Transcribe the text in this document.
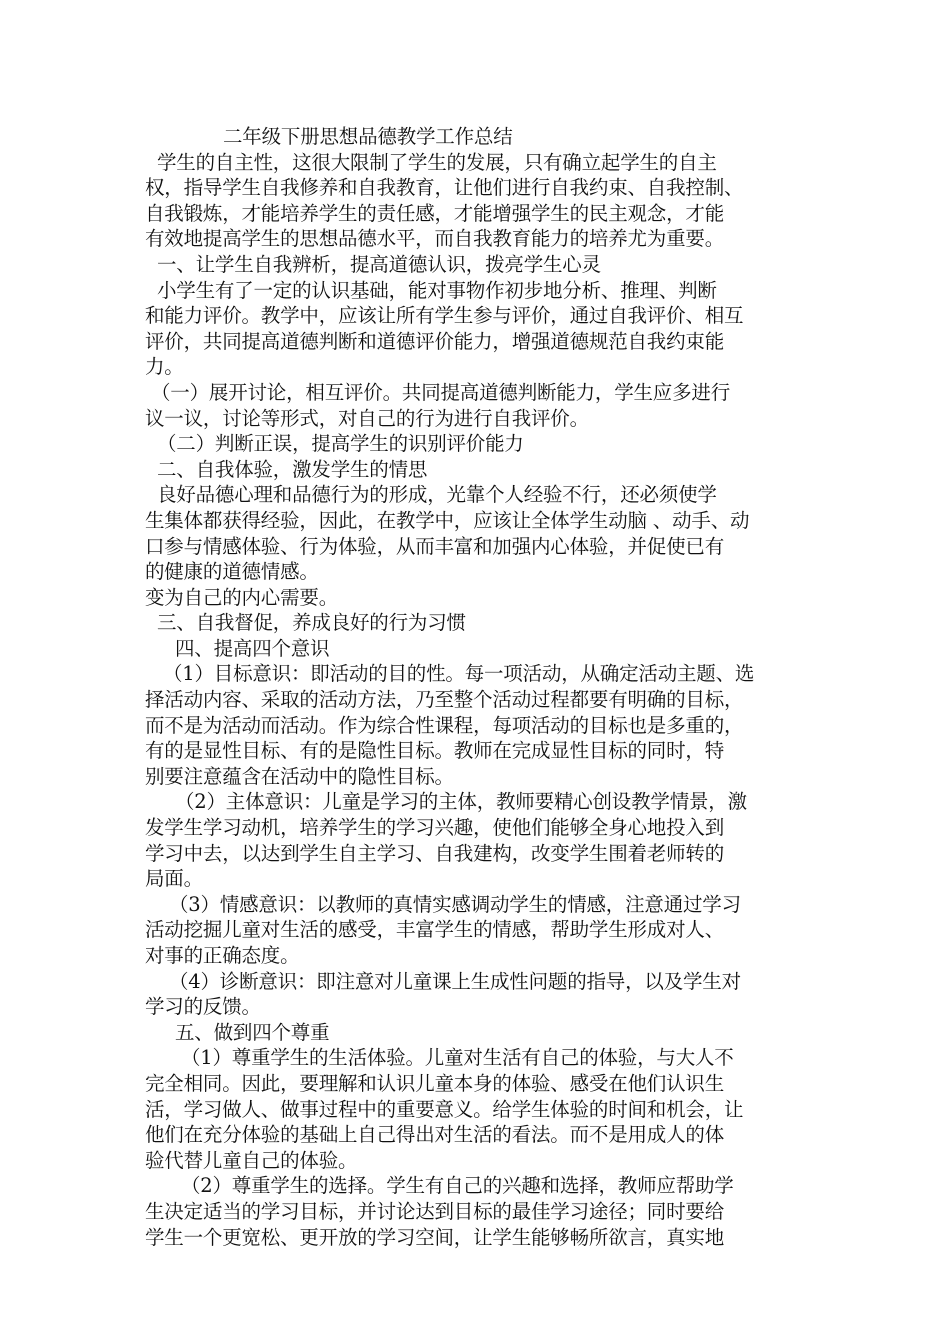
二年级下册思想品德教学工作总结
学生的自主性，这很大限制了学生的发展，只有确立起学生的自主
权，指导学生自我修养和自我教育，让他们进行自我约束、自我控制、
自我锻炼，才能培养学生的责任感，才能增强学生的民主观念，才能
有效地提高学生的思想品德水平，而自我教育能力的培养尤为重要。
一、让学生自我辨析，提高道德认识，拨亮学生心灵
小学生有了一定的认识基础，能对事物作初步地分析、推理、判断
和能力评价。教学中，应该让所有学生参与评价，通过自我评价、相互
评价，共同提高道德判断和道德评价能力，增强道德规范自我约束能
力。
（一）展开讨论，相互评价。共同提高道德判断能力，学生应多进行
议一议，讨论等形式，对自己的行为进行自我评价。
（二）判断正误，提高学生的识别评价能力
二、自我体验，激发学生的情思
良好品德心理和品德行为的形成，光靠个人经验不行，还必须使学
生集体都获得经验，因此，在教学中，应该让全体学生动脑 、动手、动
口参与情感体验、行为体验，从而丰富和加强内心体验，并促使已有
的健康的道德情感。
变为自己的内心需要。
三、自我督促，养成良好的行为习惯
四、提高四个意识
（1）目标意识：即活动的目的性。每一项活动，从确定活动主题、选
择活动内容、采取的活动方法，乃至整个活动过程都要有明确的目标，
而不是为活动而活动。作为综合性课程，每项活动的目标也是多重的，
有的是显性目标、有的是隐性目标。教师在完成显性目标的同时，特
别要注意蕴含在活动中的隐性目标。
（2）主体意识：儿童是学习的主体，教师要精心创设教学情景，激
发学生学习动机，培养学生的学习兴趣，使他们能够全身心地投入到
学习中去，以达到学生自主学习、自我建构，改变学生围着老师转的
局面。
（3）情感意识：以教师的真情实感调动学生的情感，注意通过学习
活动挖掘儿童对生活的感受，丰富学生的情感，帮助学生形成对人、
对事的正确态度。
（4）诊断意识：即注意对儿童课上生成性问题的指导，以及学生对
学习的反馈。
五、做到四个尊重
（1）尊重学生的生活体验。儿童对生活有自己的体验，与大人不
完全相同。因此，要理解和认识儿童本身的体验、感受在他们认识生
活，学习做人、做事过程中的重要意义。给学生体验的时间和机会，让
他们在充分体验的基础上自己得出对生活的看法。而不是用成人的体
验代替儿童自己的体验。
（2）尊重学生的选择。学生有自己的兴趣和选择，教师应帮助学
生决定适当的学习目标，并讨论达到目标的最佳学习途径；同时要给
学生一个更宽松、更开放的学习空间，让学生能够畅所欲言，真实地
